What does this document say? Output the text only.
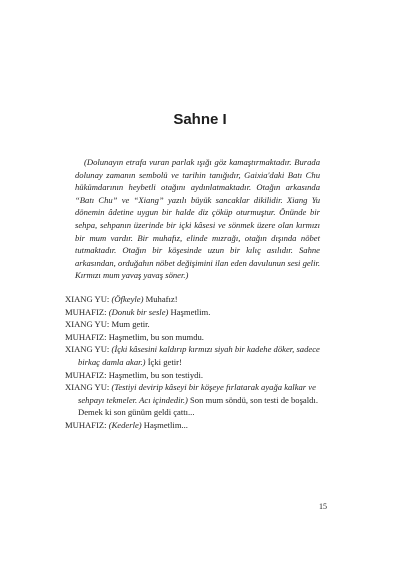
Sahne I
(Dolunayın etrafa vuran parlak ışığı göz kamaştırmaktadır. Burada dolunay zamanın sembolü ve tarihin tanığıdır, Gaixia'daki Batı Chu hükümdarının heybetli otağını aydınlatmaktadır. Otağın arkasında “Batı Chu” ve “Xiang” yazılı büyük sancaklar dikilidir. Xiang Yu dönemin âdetine uygun bir halde diz çöküp oturmuştur. Önünde bir sehpa, sehpanın üzerinde bir içki kâsesi ve sönmek üzere olan kırmızı bir mum vardır. Bir muhafız, elinde mızrağı, otağın dışında nöbet tutmaktadır. Otağın bir köşesinde uzun bir kılıç asılıdır. Sahne arkasından, orduğahın nöbet değişimini ilan eden davulunun sesi gelir. Kırmızı mum yavaş yavaş söner.)
XIANG YU: (Öfkeyle) Muhafız!
MUHAFIZ: (Donuk bir sesle) Haşmetlim.
XIANG YU: Mum getir.
MUHAFIZ: Haşmetlim, bu son mumdu.
XIANG YU: (İçki kâsesini kaldırıp kırmızı siyah bir kadehe döker, sadece birkaç damla akar.) İçki getir!
MUHAFIZ: Haşmetlim, bu son testiydi.
XIANG YU: (Testiyi devirip kâseyi bir köşeye fırlatarak ayağa kalkar ve sehpayı tekmeler. Acı içindedir.) Son mum söndü, son testi de boşaldı. Demek ki son günüm geldi çattı...
MUHAFIZ: (Kederle) Haşmetlim...
15
